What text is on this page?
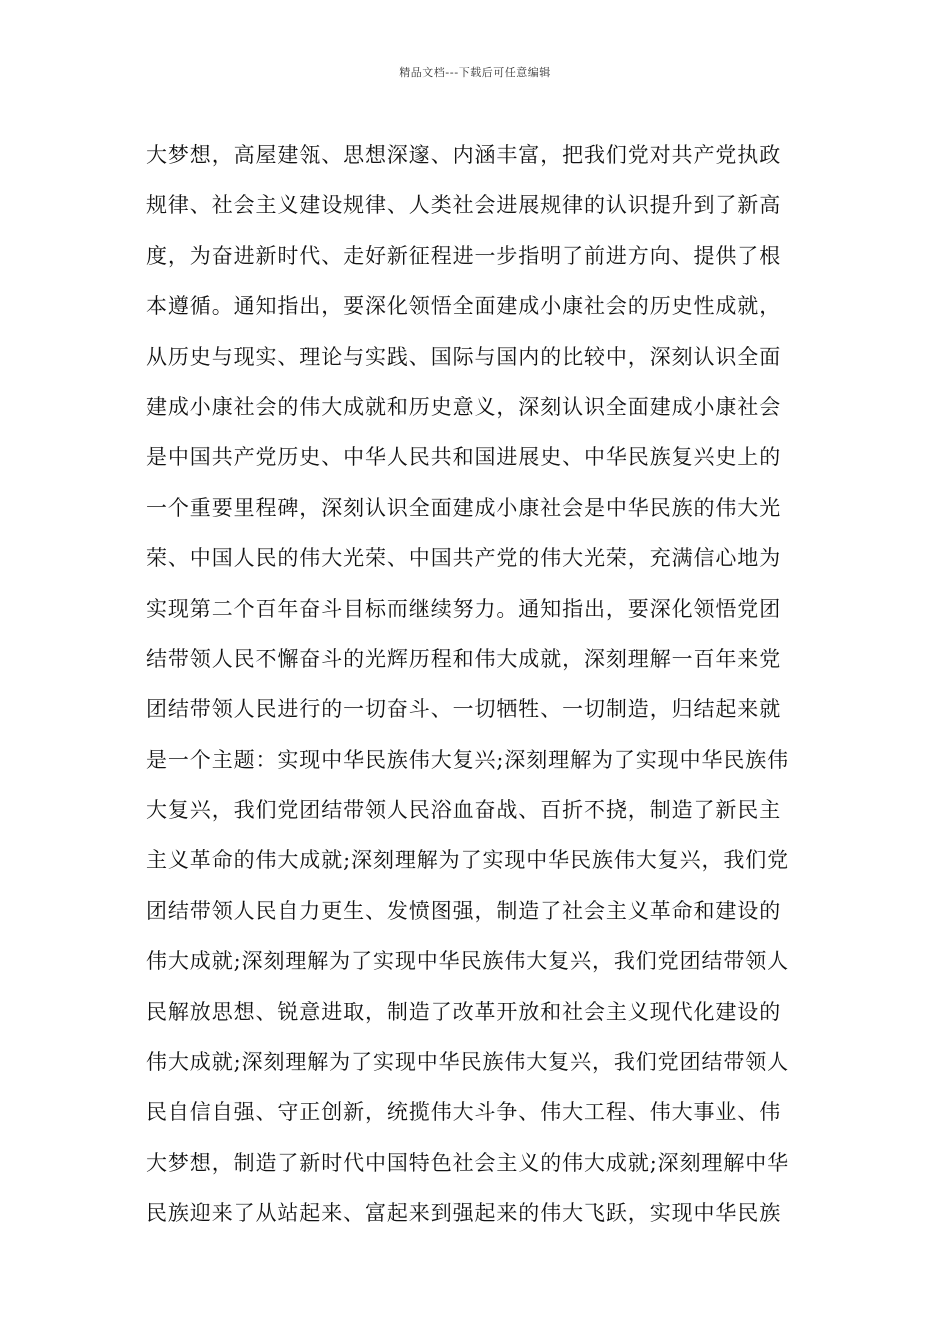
精品文档---下载后可任意编辑
大梦想，高屋建瓴、思想深邃、内涵丰富，把我们党对共产党执政
规律、社会主义建设规律、人类社会进展规律的认识提升到了新高
度，为奋进新时代、走好新征程进一步指明了前进方向、提供了根
本遵循。通知指出，要深化领悟全面建成小康社会的历史性成就，
从历史与现实、理论与实践、国际与国内的比较中，深刻认识全面
建成小康社会的伟大成就和历史意义，深刻认识全面建成小康社会
是中国共产党历史、中华人民共和国进展史、中华民族复兴史上的
一个重要里程碑，深刻认识全面建成小康社会是中华民族的伟大光
荣、中国人民的伟大光荣、中国共产党的伟大光荣，充满信心地为
实现第二个百年奋斗目标而继续努力。通知指出，要深化领悟党团
结带领人民不懈奋斗的光辉历程和伟大成就，深刻理解一百年来党
团结带领人民进行的一切奋斗、一切牺牲、一切制造，归结起来就
是一个主题：实现中华民族伟大复兴;深刻理解为了实现中华民族伟
大复兴，我们党团结带领人民浴血奋战、百折不挠，制造了新民主
主义革命的伟大成就;深刻理解为了实现中华民族伟大复兴，我们党
团结带领人民自力更生、发愤图强，制造了社会主义革命和建设的
伟大成就;深刻理解为了实现中华民族伟大复兴，我们党团结带领人
民解放思想、锐意进取，制造了改革开放和社会主义现代化建设的
伟大成就;深刻理解为了实现中华民族伟大复兴，我们党团结带领人
民自信自强、守正创新，统揽伟大斗争、伟大工程、伟大事业、伟
大梦想，制造了新时代中国特色社会主义的伟大成就;深刻理解中华
民族迎来了从站起来、富起来到强起来的伟大飞跃，实现中华民族
